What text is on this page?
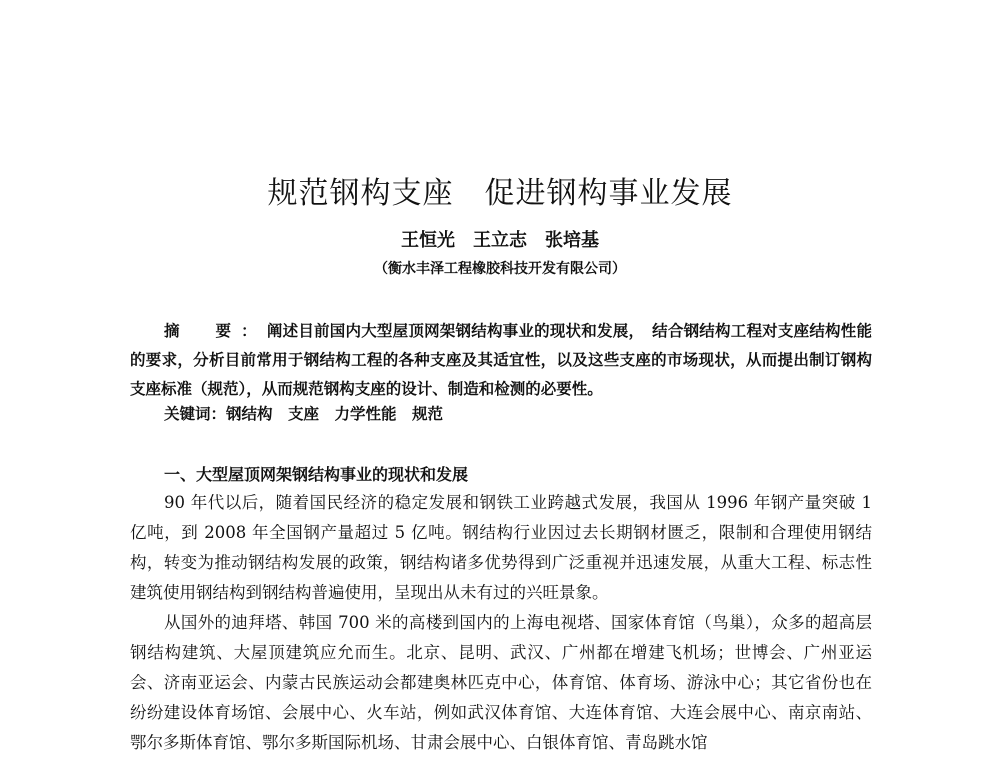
规范钢构支座　促进钢构事业发展
王恒光　王立志　张培基
（衡水丰泽工程橡胶科技开发有限公司）
摘　要：阐述目前国内大型屋顶网架钢结构事业的现状和发展，　结合钢结构工程对支座结构性能的要求，分析目前常用于钢结构工程的各种支座及其适宜性，以及这些支座的市场现状，从而提出制订钢构支座标准（规范），从而规范钢构支座的设计、制造和检测的必要性。
关键词：钢结构　支座　力学性能　规范
一、大型屋顶网架钢结构事业的现状和发展

90 年代以后，随着国民经济的稳定发展和钢铁工业跨越式发展，我国从 1996 年钢产量突破 1 亿吨，到 2008 年全国钢产量超过 5 亿吨。钢结构行业因过去长期钢材匮乏，限制和合理使用钢结构，转变为推动钢结构发展的政策，钢结构诸多优势得到广泛重视并迅速发展，从重大工程、标志性建筑使用钢结构到钢结构普遍使用，呈现出从未有过的兴旺景象。

从国外的迪拜塔、韩国 700 米的高楼到国内的上海电视塔、国家体育馆（鸟巢），众多的超高层钢结构建筑、大屋顶建筑应允而生。北京、昆明、武汉、广州都在增建飞机场；世博会、广州亚运会、济南亚运会、内蒙古民族运动会都建奥林匹克中心，体育馆、体育场、游泳中心；其它省份也在纷纷建设体育场馆、会展中心、火车站，例如武汉体育馆、大连体育馆、大连会展中心、南京南站、鄂尔多斯体育馆、鄂尔多斯国际机场、甘肃会展中心、白银体育馆、青岛跳水馆
